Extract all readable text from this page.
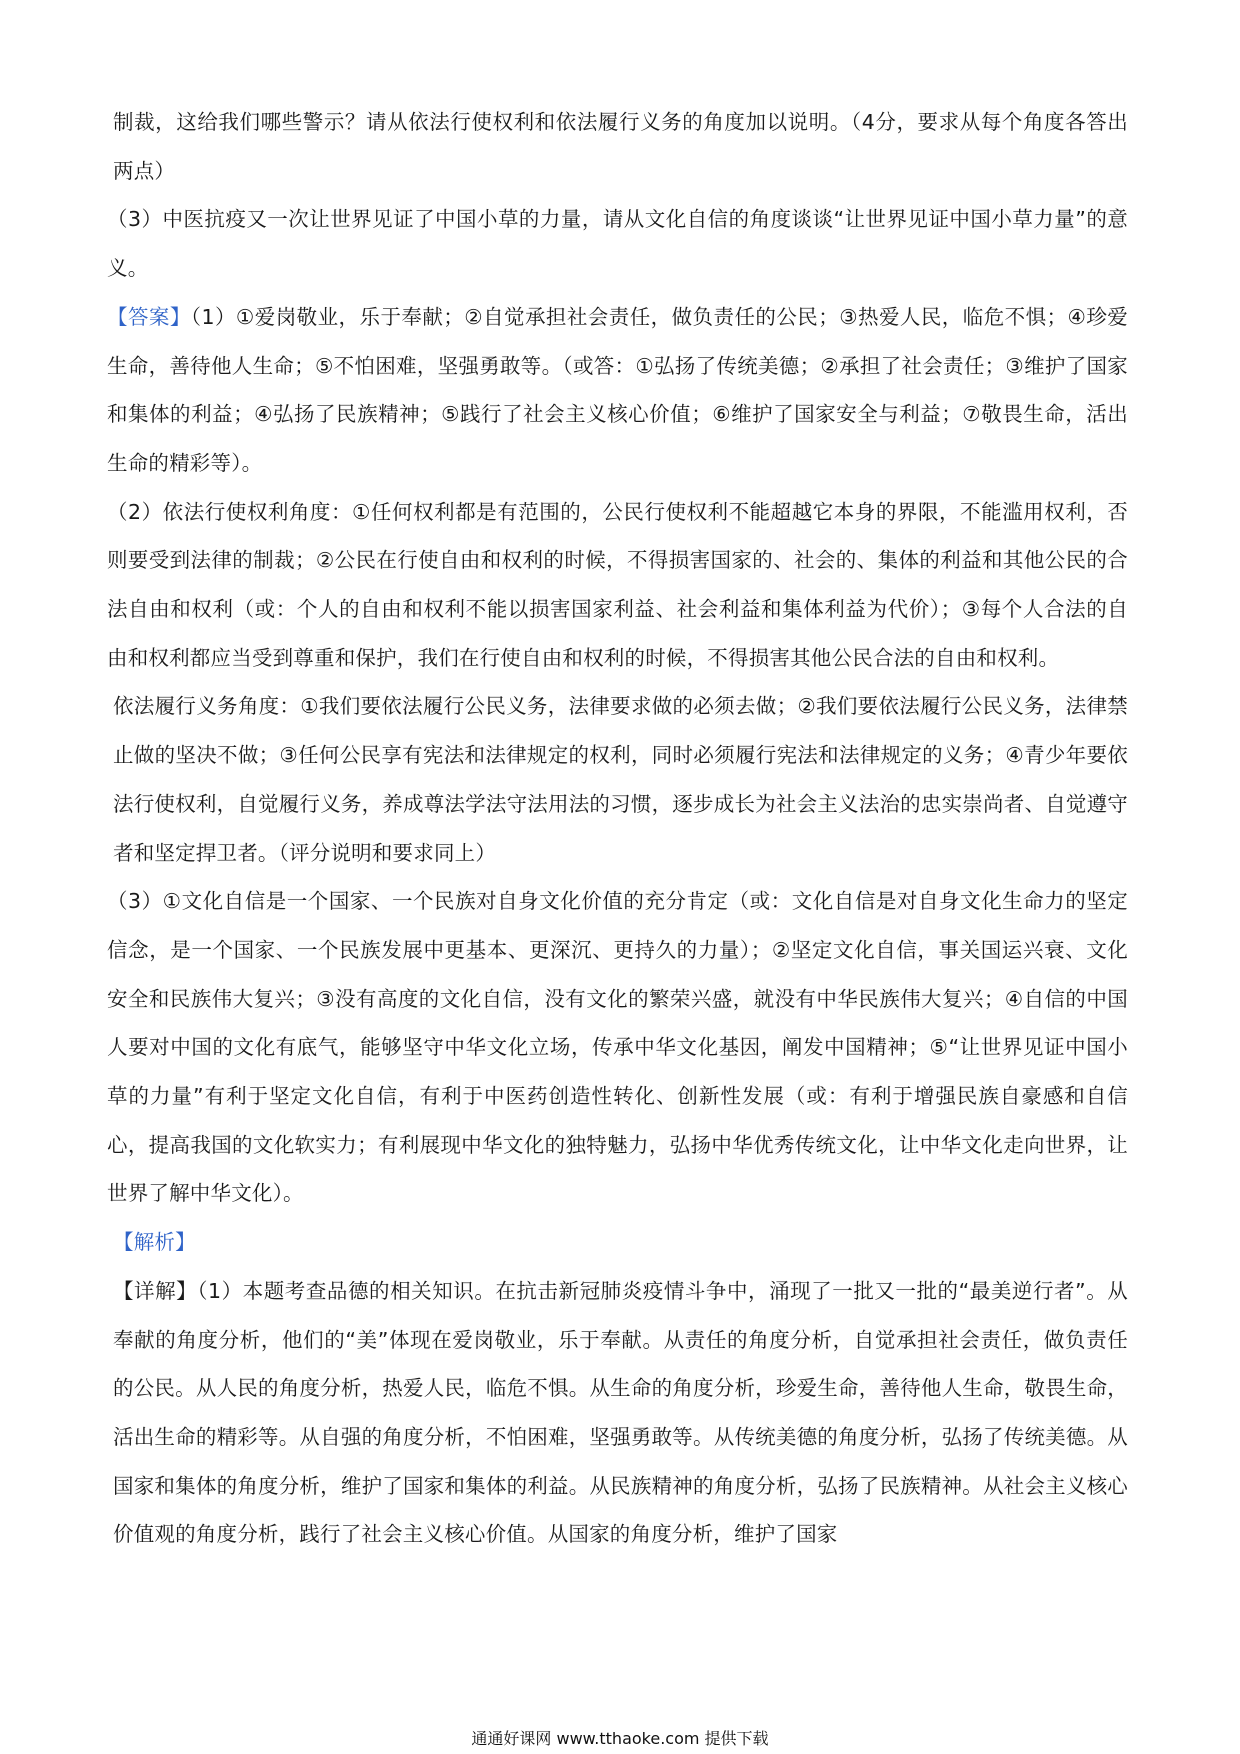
制裁，这给我们哪些警示？请从依法行使权利和依法履行义务的角度加以说明。（4分，要求从每个角度各答出两点）

（3）中医抗疫又一次让世界见证了中国小草的力量，请从文化自信的角度谈谈“让世界见证中国小草力量”的意义。

【答案】（1）①爱岗敬业，乐于奉献；②自觉承担社会责任，做负责任的公民；③热爱人民，临危不惧；④珍爱生命，善待他人生命；⑤不怕困难，坚强勇敢等。（或答：①弘扬了传统美德；②承担了社会责任；③维护了国家和集体的利益；④弘扬了民族精神；⑤践行了社会主义核心价值；⑥维护了国家安全与利益；⑦敬畏生命，活出生命的精彩等）。

（2）依法行使权利角度：①任何权利都是有范围的，公民行使权利不能超越它本身的界限，不能滥用权利，否则要受到法律的制裁；②公民在行使自由和权利的时候，不得损害国家的、社会的、集体的利益和其他公民的合法自由和权利（或：个人的自由和权利不能以损害国家利益、社会利益和集体利益为代价）；③每个人合法的自由和权利都应当受到尊重和保护，我们在行使自由和权利的时候，不得损害其他公民合法的自由和权利。

依法履行义务角度：①我们要依法履行公民义务，法律要求做的必须去做；②我们要依法履行公民义务，法律禁止做的坚决不做；③任何公民享有宪法和法律规定的权利，同时必须履行宪法和法律规定的义务；④青少年要依法行使权利，自觉履行义务，养成尊法学法守法用法的习惯，逐步成长为社会主义法治的忠实崇尚者、自觉遵守者和坚定捍卫者。（评分说明和要求同上）

（3）①文化自信是一个国家、一个民族对自身文化价值的充分肯定（或：文化自信是对自身文化生命力的坚定信念，是一个国家、一个民族发展中更基本、更深沉、更持久的力量）；②坚定文化自信，事关国运兴衰、文化安全和民族伟大复兴；③没有高度的文化自信，没有文化的繁荣兴盛，就没有中华民族伟大复兴；④自信的中国人要对中国的文化有底气，能够坚守中华文化立场，传承中华文化基因，阐发中国精神；⑤“让世界见证中国小草的力量”有利于坚定文化自信，有利于中医药创造性转化、创新性发展（或：有利于增强民族自豪感和自信心，提高我国的文化软实力；有利展现中华文化的独特魅力，弘扬中华优秀传统文化，让中华文化走向世界，让世界了解中华文化）。

【解析】

【详解】（1）本题考查品德的相关知识。在抗击新冠肺炎疫情斗争中，涌现了一批又一批的“最美逆行者”。从奉献的角度分析，他们的“美”体现在爱岗敬业，乐于奉献。从责任的角度分析，自觉承担社会责任，做负责任的公民。从人民的角度分析，热爱人民，临危不惧。从生命的角度分析，珍爱生命，善待他人生命，敬畏生命，活出生命的精彩等。从自强的角度分析，不怕困难，坚强勇敢等。从传统美德的角度分析，弘扬了传统美德。从国家和集体的角度分析，维护了国家和集体的利益。从民族精神的角度分析，弘扬了民族精神。从社会主义核心价值观的角度分析，践行了社会主义核心价值。从国家的角度分析，维护了国家

通通好课网 www.tthaoke.com 提供下载
